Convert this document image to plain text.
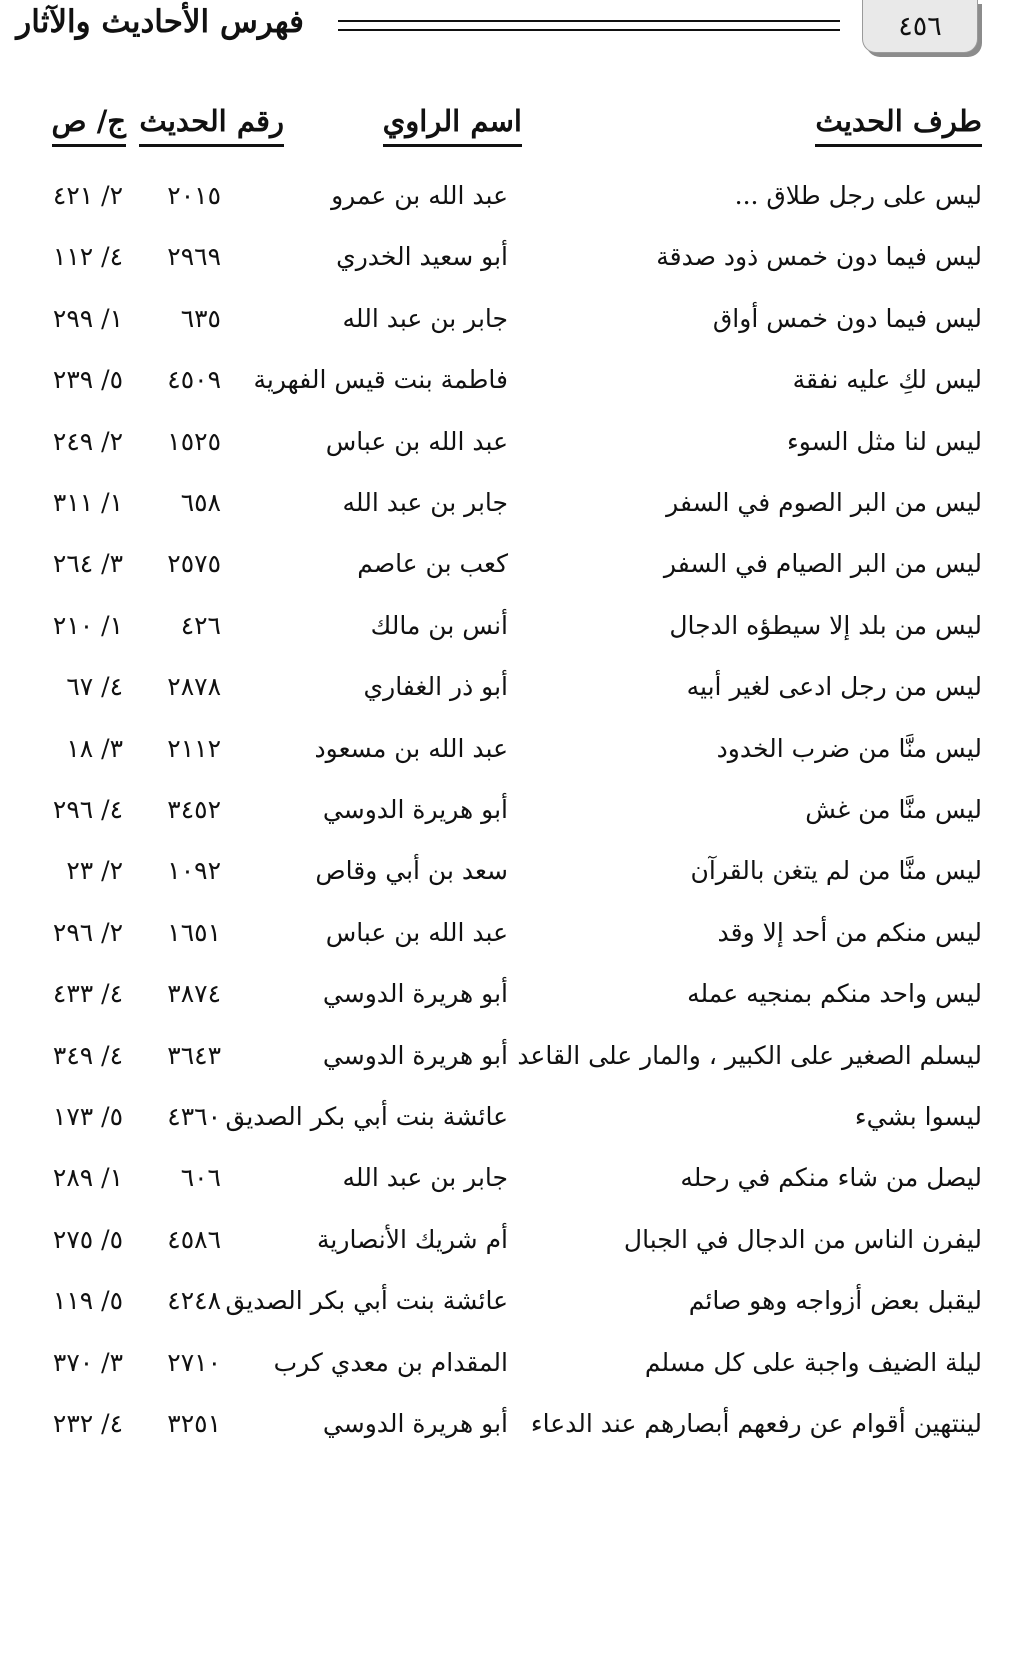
٤٥٦
فهرس الأحاديث والآثار
طرف الحديث
اسم الراوي
رقم الحديث
ج/ ص
ليس على رجل طلاق ...
عبد الله بن عمرو
٢٠١٥
٢/ ٤٢١
ليس فيما دون خمس ذود صدقة
أبو سعيد الخدري
٢٩٦٩
٤/ ١١٢
ليس فيما دون خمس أواق
جابر بن عبد الله
٦٣٥
١/ ٢٩٩
ليس لكِ عليه نفقة
فاطمة بنت قيس الفهرية
٤٥٠٩
٥/ ٢٣٩
ليس لنا مثل السوء
عبد الله بن عباس
١٥٢٥
٢/ ٢٤٩
ليس من البر الصوم في السفر
جابر بن عبد الله
٦٥٨
١/ ٣١١
ليس من البر الصيام في السفر
كعب بن عاصم
٢٥٧٥
٣/ ٢٦٤
ليس من بلد إلا سيطؤه الدجال
أنس بن مالك
٤٢٦
١/ ٢١٠
ليس من رجل ادعى لغير أبيه
أبو ذر الغفاري
٢٨٧٨
٤/ ٦٧
ليس منَّا من ضرب الخدود
عبد الله بن مسعود
٢١١٢
٣/ ١٨
ليس منَّا من غش
أبو هريرة الدوسي
٣٤٥٢
٤/ ٢٩٦
ليس منَّا من لم يتغن بالقرآن
سعد بن أبي وقاص
١٠٩٢
٢/ ٢٣
ليس منكم من أحد إلا وقد
عبد الله بن عباس
١٦٥١
٢/ ٢٩٦
ليس واحد منكم بمنجيه عمله
أبو هريرة الدوسي
٣٨٧٤
٤/ ٤٣٣
ليسلم الصغير على الكبير ، والمار على القاعد
أبو هريرة الدوسي
٣٦٤٣
٤/ ٣٤٩
ليسوا بشيء
عائشة بنت أبي بكر الصديق
٤٣٦٠
٥/ ١٧٣
ليصل من شاء منكم في رحله
جابر بن عبد الله
٦٠٦
١/ ٢٨٩
ليفرن الناس من الدجال في الجبال
أم شريك الأنصارية
٤٥٨٦
٥/ ٢٧٥
ليقبل بعض أزواجه وهو صائم
عائشة بنت أبي بكر الصديق
٤٢٤٨
٥/ ١١٩
ليلة الضيف واجبة على كل مسلم
المقدام بن معدي كرب
٢٧١٠
٣/ ٣٧٠
لينتهين أقوام عن رفعهم أبصارهم عند الدعاء
أبو هريرة الدوسي
٣٢٥١
٤/ ٢٣٢
